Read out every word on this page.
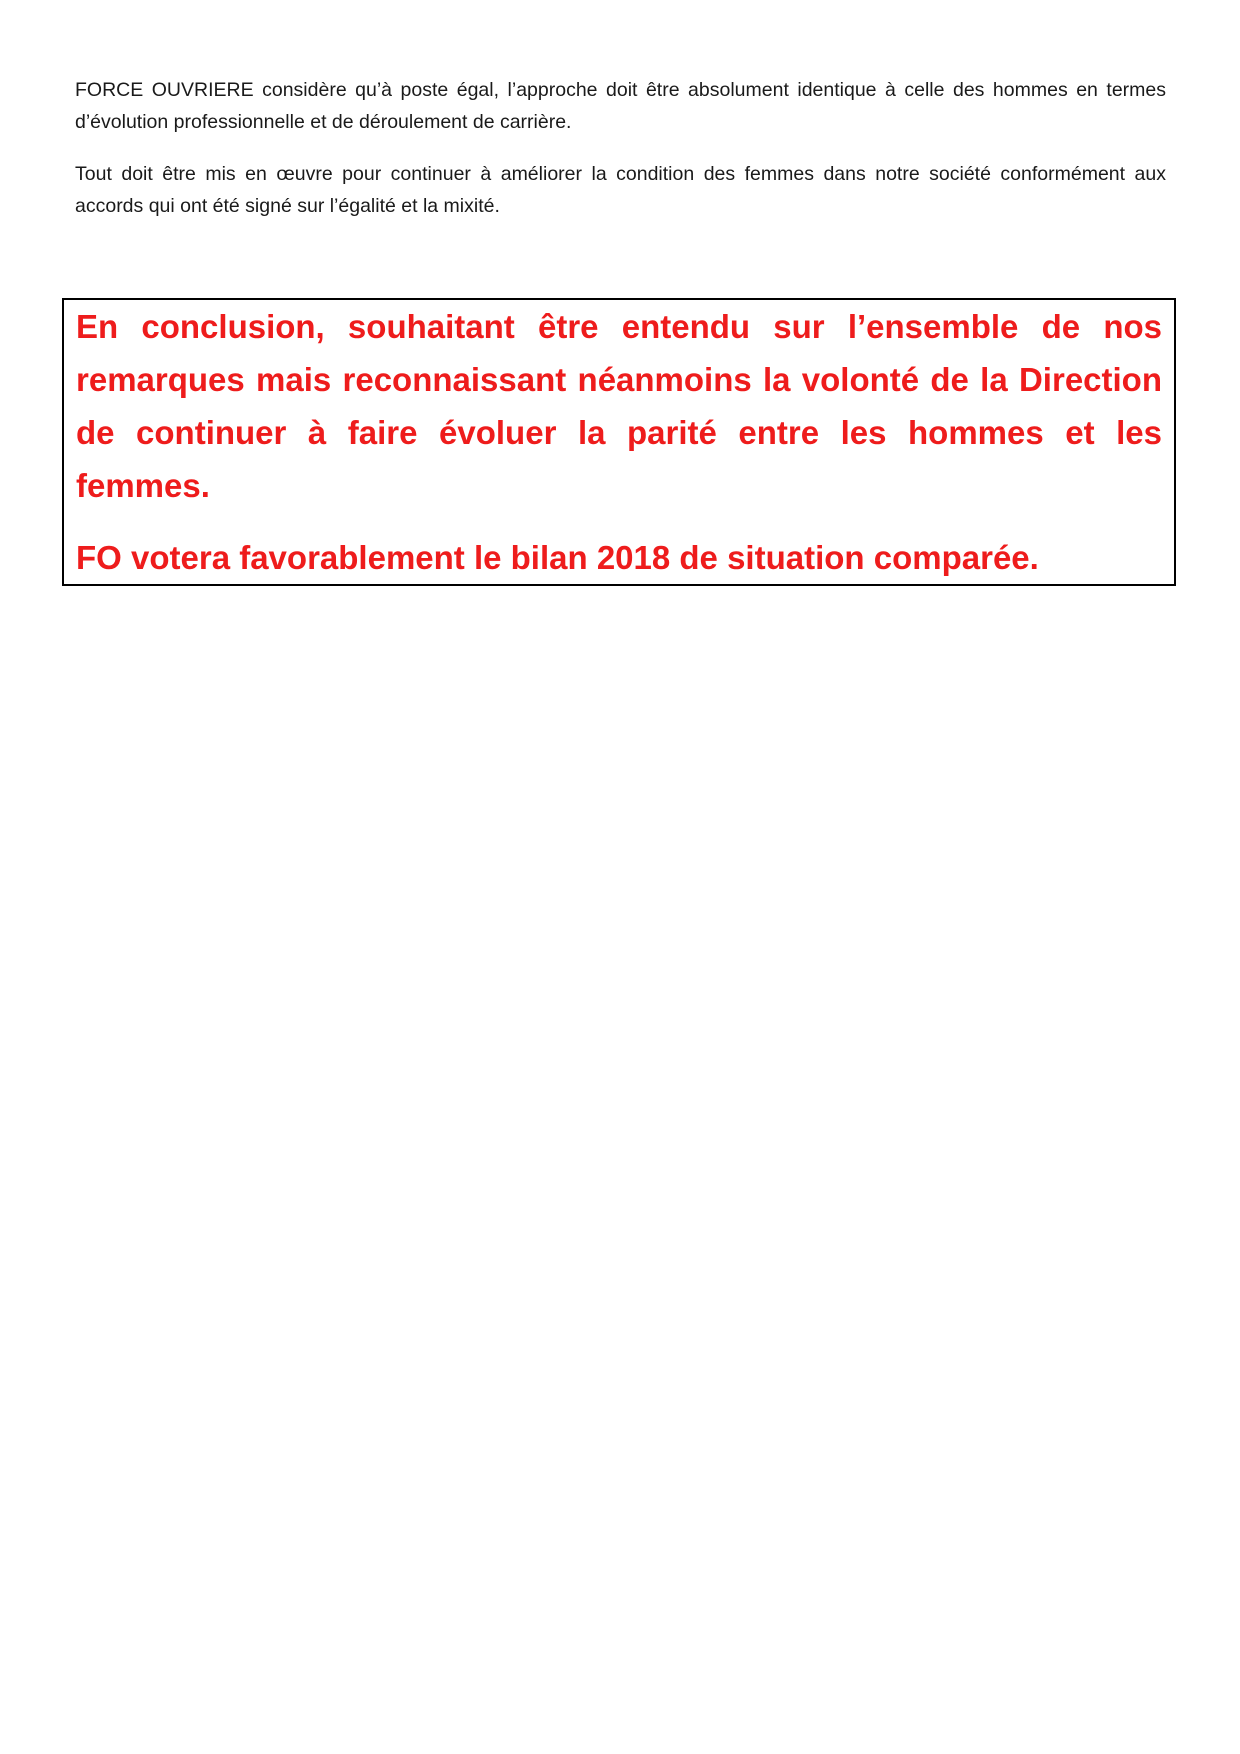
FORCE OUVRIERE considère qu’à poste égal, l’approche doit être absolument identique à celle des hommes en termes d’évolution professionnelle et de déroulement de carrière.

Tout doit être mis en œuvre pour continuer à améliorer la condition des femmes dans notre société conformément aux accords qui ont été signé sur l’égalité et la mixité.

En conclusion, souhaitant être entendu sur l’ensemble de nos remarques mais reconnaissant néanmoins la volonté de la Direction de continuer à faire évoluer la parité entre les hommes et les femmes.

FO votera favorablement le bilan 2018 de situation comparée.
